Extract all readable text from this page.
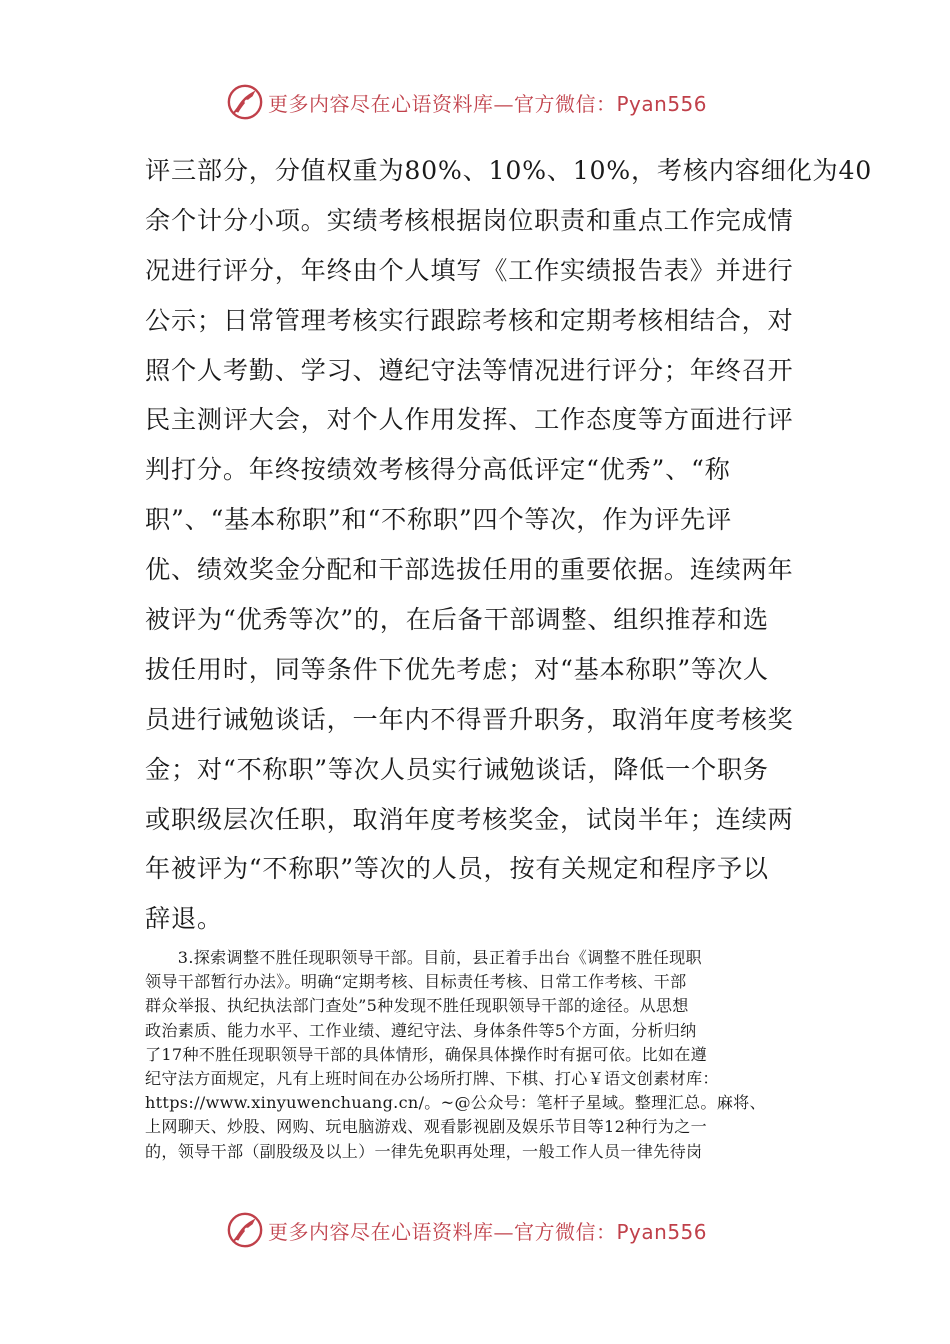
更多内容尽在心语资料库—官方微信：Pyan556
评三部分，分值权重为80%、10%、10%，考核内容细化为40
余个计分小项。实绩考核根据岗位职责和重点工作完成情
况进行评分，年终由个人填写《工作实绩报告表》并进行
公示；日常管理考核实行跟踪考核和定期考核相结合，对
照个人考勤、学习、遵纪守法等情况进行评分；年终召开
民主测评大会，对个人作用发挥、工作态度等方面进行评
判打分。年终按绩效考核得分高低评定“优秀”、“称
职”、“基本称职”和“不称职”四个等次，作为评先评
优、绩效奖金分配和干部选拔任用的重要依据。连续两年
被评为“优秀等次”的，在后备干部调整、组织推荐和选
拔任用时，同等条件下优先考虑；对“基本称职”等次人
员进行诫勉谈话，一年内不得晋升职务，取消年度考核奖
金；对“不称职”等次人员实行诫勉谈话，降低一个职务
或职级层次任职，取消年度考核奖金，试岗半年；连续两
年被评为“不称职”等次的人员，按有关规定和程序予以
辞退。
　　3.探索调整不胜任现职领导干部。目前，县正着手出台《调整不胜任现职
领导干部暂行办法》。明确“定期考核、目标责任考核、日常工作考核、干部
群众举报、执纪执法部门查处”5种发现不胜任现职领导干部的途径。从思想
政治素质、能力水平、工作业绩、遵纪守法、身体条件等5个方面，分析归纳
了17种不胜任现职领导干部的具体情形，确保具体操作时有据可依。比如在遵
纪守法方面规定，凡有上班时间在办公场所打牌、下棋、打心￥语文创素材库：
https://www.xinyuwenchuang.cn/。~@公众号：笔杆子星域。整理汇总。麻将、
上网聊天、炒股、网购、玩电脑游戏、观看影视剧及娱乐节目等12种行为之一
的，领导干部（副股级及以上）一律先免职再处理，一般工作人员一律先待岗
更多内容尽在心语资料库—官方微信：Pyan556
